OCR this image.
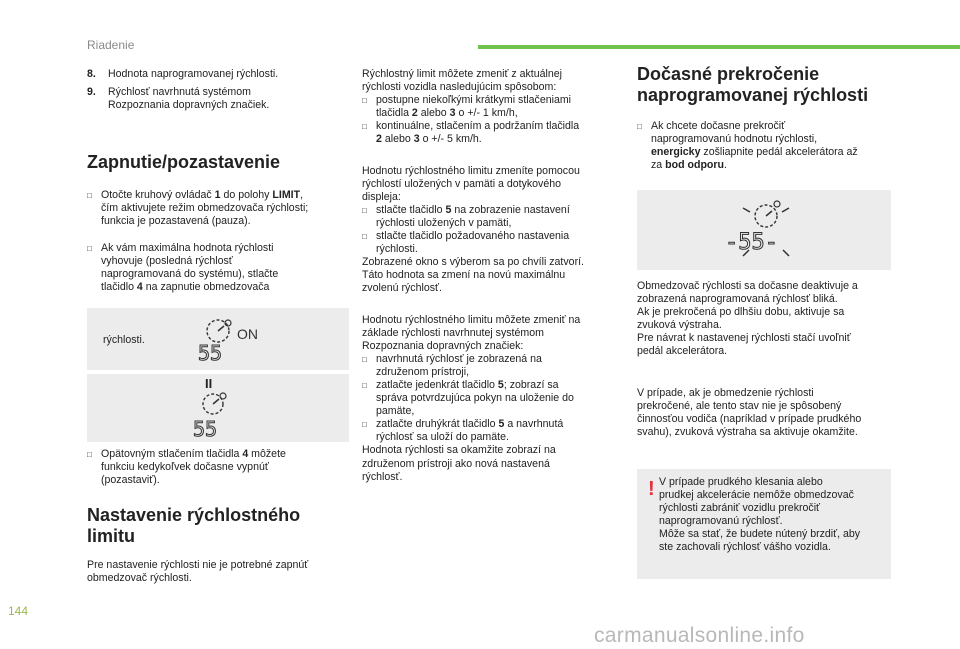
Riadenie

8. Hodnota naprogramovanej rýchlosti.

9. Rýchlosť navrhnutá systémom
Rozpoznania dopravných značiek.

Zapnutie/pozastavenie

□ Otočte kruhový ovládač 1 do polohy LIMIT,
čím aktivujete režim obmedzovača rýchlosti;
funkcia je pozastavená (pauza).

□ Ak vám maximálna hodnota rýchlosti
vyhovuje (posledná rýchlosť
naprogramovaná do systému), stlačte
tlačidlo 4 na zapnutie obmedzovača

rýchlosti.	ON
55
II
55

□ Opätovným stlačením tlačidla 4 môžete
funkciu kedykoľvek dočasne vypnúť
(pozastaviť).

Nastavenie rýchlostného
limitu

Pre nastavenie rýchlosti nie je potrebné zapnúť
obmedzovač rýchlosti.

Rýchlostný limit môžete zmeniť z aktuálnej
rýchlosti vozidla nasledujúcim spôsobom:

□ postupne niekoľkými krátkymi stlačeniami
tlačidla 2 alebo 3 o +/- 1 km/h,

□ kontinuálne, stlačením a podržaním tlačidla
2 alebo 3 o +/- 5 km/h.

Hodnotu rýchlostného limitu zmeníte pomocou
rýchlostí uložených v pamäti a dotykového
displeja:

□ stlačte tlačidlo 5 na zobrazenie nastavení
rýchlosti uložených v pamäti,

□ stlačte tlačidlo požadovaného nastavenia
rýchlosti.

Zobrazené okno s výberom sa po chvíli zatvorí.
Táto hodnota sa zmení na novú maximálnu
zvolenú rýchlosť.

Hodnotu rýchlostného limitu môžete zmeniť na
základe rýchlosti navrhnutej systémom
Rozpoznania dopravných značiek:

□ navrhnutá rýchlosť je zobrazená na
združenom prístroji,

□ zatlačte jedenkrát tlačidlo 5; zobrazí sa
správa potvrdzujúca pokyn na uloženie do
pamäte,

□ zatlačte druhýkrát tlačidlo 5 a navrhnutá
rýchlosť sa uloží do pamäte.

Hodnota rýchlosti sa okamžite zobrazí na
združenom prístroji ako nová nastavená
rýchlosť.

Dočasné prekročenie
naprogramovanej rýchlosti

□ Ak chcete dočasne prekročiť
naprogramovanú hodnotu rýchlosti,
energicky zošliapnite pedál akcelerátora až
za bod odporu.

-55-

Obmedzovač rýchlosti sa dočasne deaktivuje a
zobrazená naprogramovaná rýchlosť bliká.
Ak je prekročená po dlhšiu dobu, aktivuje sa
zvuková výstraha.
Pre návrat k nastavenej rýchlosti stačí uvoľniť
pedál akcelerátora.

V prípade, ak je obmedzenie rýchlosti
prekročené, ale tento stav nie je spôsobený
činnosťou vodiča (napríklad v prípade prudkého
svahu), zvuková výstraha sa aktivuje okamžite.

V prípade prudkého klesania alebo
prudkej akcelerácie nemôže obmedzovač
rýchlosti zabrániť vozidlu prekročiť
naprogramovanú rýchlosť.
Môže sa stať, že budete nútený brzdiť, aby
ste zachovali rýchlosť vášho vozidla.

!
144
carmanualsonline.info
